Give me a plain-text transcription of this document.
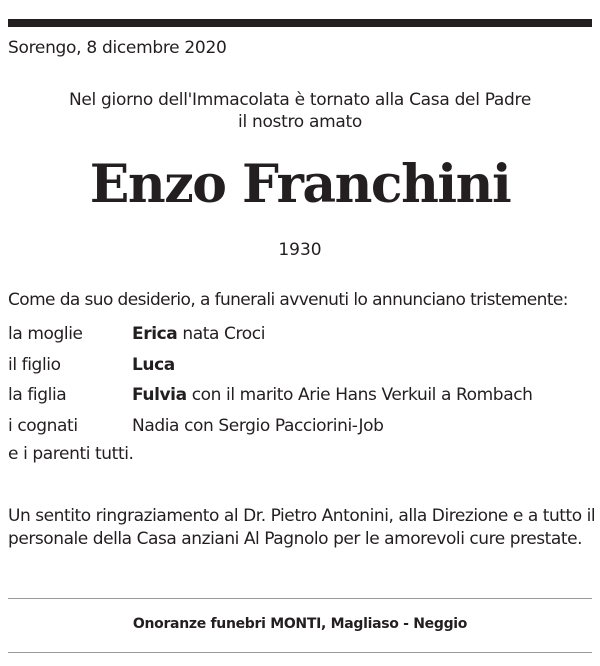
Sorengo, 8 dicembre 2020
Nel giorno dell'Immacolata è tornato alla Casa del Padre
il nostro amato
Enzo Franchini
1930
Come da suo desiderio, a funerali avvenuti lo annunciano tristemente:
la moglie	Erica nata Croci
il figlio	Luca
la figlia	Fulvia con il marito Arie Hans Verkuil a Rombach
i cognati	Nadia con Sergio Pacciorini-Job
e i parenti tutti.
Un sentito ringraziamento al Dr. Pietro Antonini, alla Direzione e a tutto il personale della Casa anziani Al Pagnolo per le amorevoli cure prestate.
Onoranze funebri MONTI, Magliaso - Neggio
